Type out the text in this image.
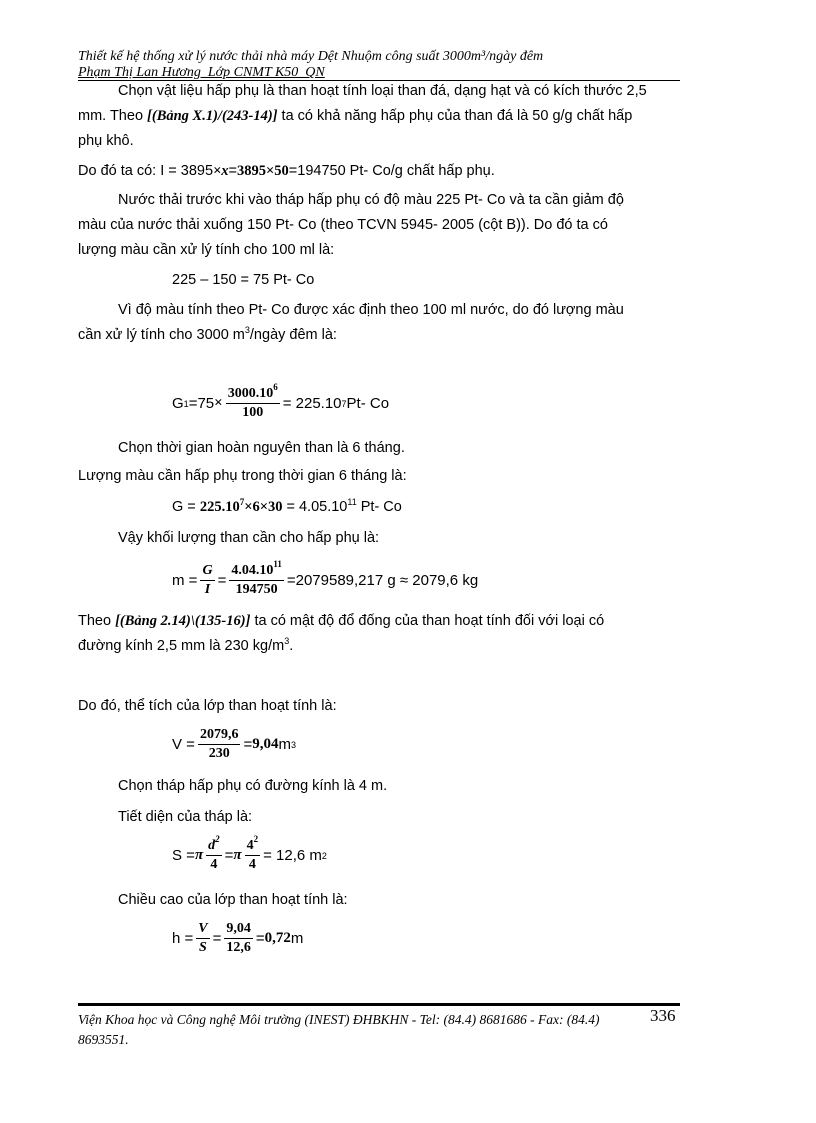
Thiết kế hệ thống xử lý nước thải nhà máy Dệt Nhuộm công suất 3000m³/ngày đêm
Phạm Thị Lan Hương_Lớp CNMT K50_QN
Chọn vật liệu hấp phụ là than hoạt tính loại than đá, dạng hạt và có kích thước 2,5
mm. Theo [(Bảng X.1)/(243-14)] ta có khả năng hấp phụ của than đá là 50 g/g chất hấp
phụ khô.
Do đó ta có: I = 3895×x=3895×50=194750 Pt- Co/g chất hấp phụ.
Nước thải trước khi vào tháp hấp phụ có độ màu 225 Pt- Co và ta cần giảm độ
màu của nước thải xuống 150 Pt- Co (theo TCVN 5945- 2005 (cột B)). Do đó ta có
lượng màu cần xử lý tính cho 100 ml là:
225 – 150 = 75 Pt- Co
Vì độ màu tính theo Pt- Co được xác định theo 100 ml nước, do đó lượng màu
cần xử lý tính cho 3000 $m^3$/ngày đêm là:
G $1 =75 \times \frac{3000.10^6}{100} = 225.10$ 7 Pt- Co
Chọn thời gian hoàn nguyên than là 6 tháng.
Lượng màu cần hấp phụ trong thời gian 6 tháng là:
$G = 225.10^7\times 6\times 30 = 4.05.10^{11}$ Pt- Co
Vậy khối lượng than cần cho hấp phụ là:
$m = \frac{G}{I} = \frac{4.04.10^{11}}{194750} =2079589,217$ g ≈ 2079,6 kg
Theo [(Bảng 2.14)\(135-16)] ta có mật độ đổ đống của than hoạt tính đối với loại có
đường kính 2,5 mm là 230 $kg/m^3$.
Do đó, thể tích của lớp than hoạt tính là:
$V = \frac{2079,6}{230} = 9,04$ m 3
Chọn tháp hấp phụ có đường kính là 4 m.
Tiết diện của tháp là:
S = π $\frac{d^2}{4} = \pi \frac{4^2}{4} = 12,6$ m 2
Chiều cao của lớp than hoạt tính là:
$h = \frac{V}{S} = \frac{9,04}{12,6} = 0,72$ m
Viện Khoa học và Công nghệ Môi trường (INEST) ĐHBKHN - Tel: (84.4) 8681686 - Fax: (84.4) 8693551.
336
